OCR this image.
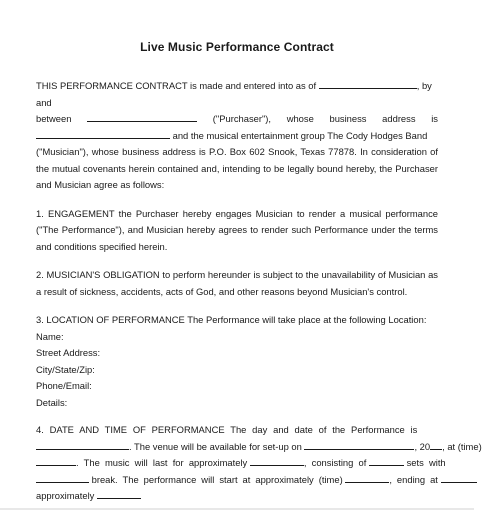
Live Music Performance Contract

THIS PERFORMANCE CONTRACT is made and entered into as of	, by and

between	("Purchaser"), whose business address is

and the musical entertainment group The Cody Hodges Band

("Musician"), whose business address is P.O. Box 602 Snook, Texas 77878. In consideration of the mutual covenants herein contained and, intending to be legally bound hereby, the Purchaser and Musician agree as follows:

1. ENGAGEMENT the Purchaser hereby engages Musician to render a musical performance ("The Performance"), and Musician hereby agrees to render such Performance under the terms and conditions specified herein.

2. MUSICIAN'S OBLIGATION to perform hereunder is subject to the unavailability of Musician as a result of sickness, accidents, acts of God, and other reasons beyond Musician's control.

3. LOCATION OF PERFORMANCE The Performance will take place at the following Location:

Name:

Street Address:

City/State/Zip:

Phone/Email:

Details:

4. DATE AND TIME OF PERFORMANCE The day and date of the Performance is

. The venue will be available for set-up on	, 20 , at (time)

. The music will last for approximately	, consisting of	sets with

break. The performance will start at approximately (time)	, ending at

approximately
